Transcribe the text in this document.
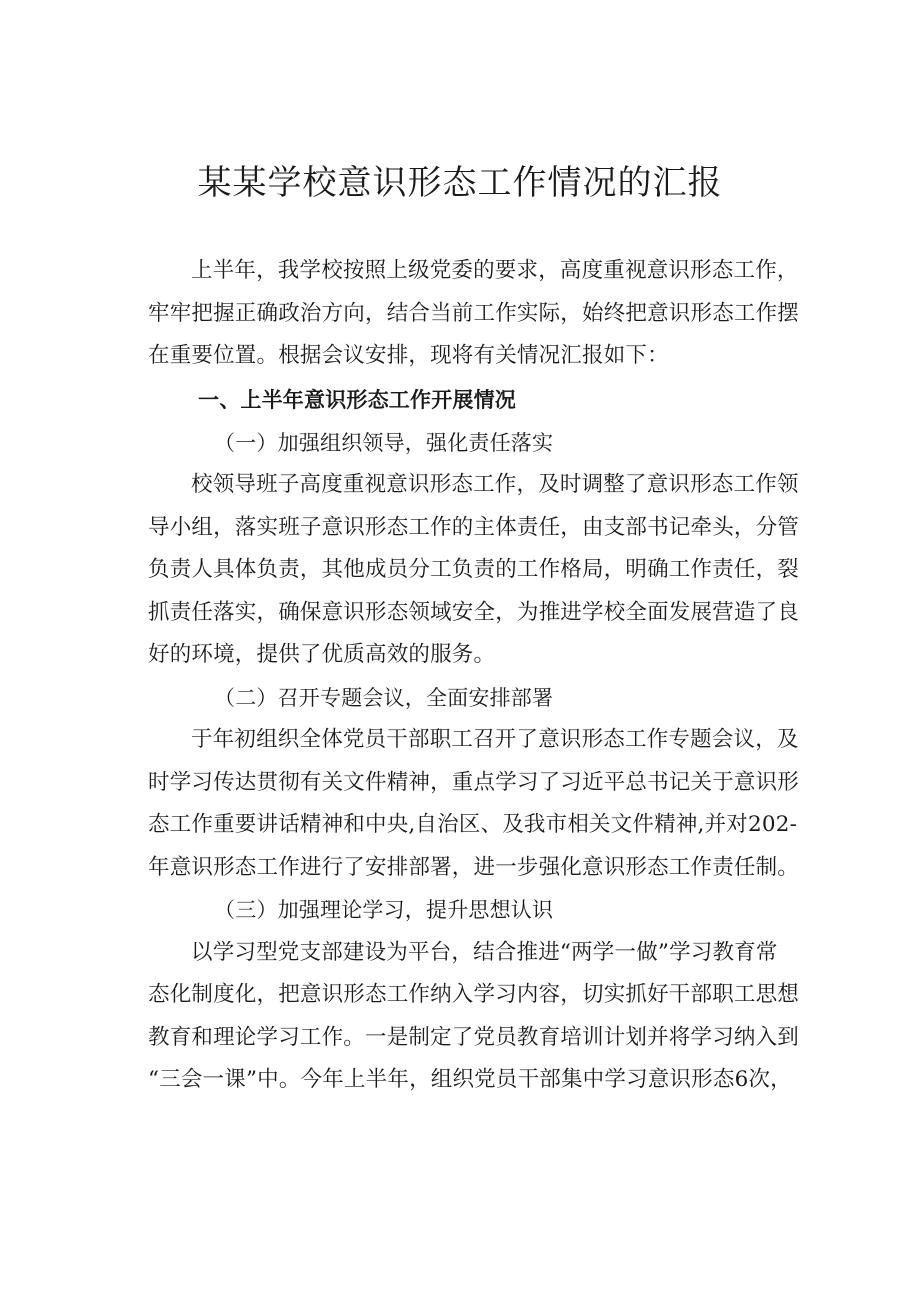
某某学校意识形态工作情况的汇报

上半年，我学校按照上级党委的要求，高度重视意识形态工作，
牢牢把握正确政治方向，结合当前工作实际，始终把意识形态工作摆
在重要位置。根据会议安排，现将有关情况汇报如下：

一、上半年意识形态工作开展情况

（一）加强组织领导，强化责任落实

校领导班子高度重视意识形态工作，及时调整了意识形态工作领
导小组，落实班子意识形态工作的主体责任，由支部书记牵头，分管
负责人具体负责，其他成员分工负责的工作格局，明确工作责任，裂
抓责任落实，确保意识形态领域安全，为推进学校全面发展营造了良
好的环境，提供了优质高效的服务。

（二）召开专题会议，全面安排部署

于年初组织全体党员干部职工召开了意识形态工作专题会议，及
时学习传达贯彻有关文件精神，重点学习了习近平总书记关于意识形
态工作重要讲话精神和中央,自治区、及我市相关文件精神,并对202-
年意识形态工作进行了安排部署，进一步强化意识形态工作责任制。

（三）加强理论学习，提升思想认识

以学习型党支部建设为平台，结合推进“两学一做”学习教育常
态化制度化，把意识形态工作纳入学习内容，切实抓好干部职工思想
教育和理论学习工作。一是制定了党员教育培训计划并将学习纳入到
“三会一课”中。今年上半年，组织党员干部集中学习意识形态6次，
